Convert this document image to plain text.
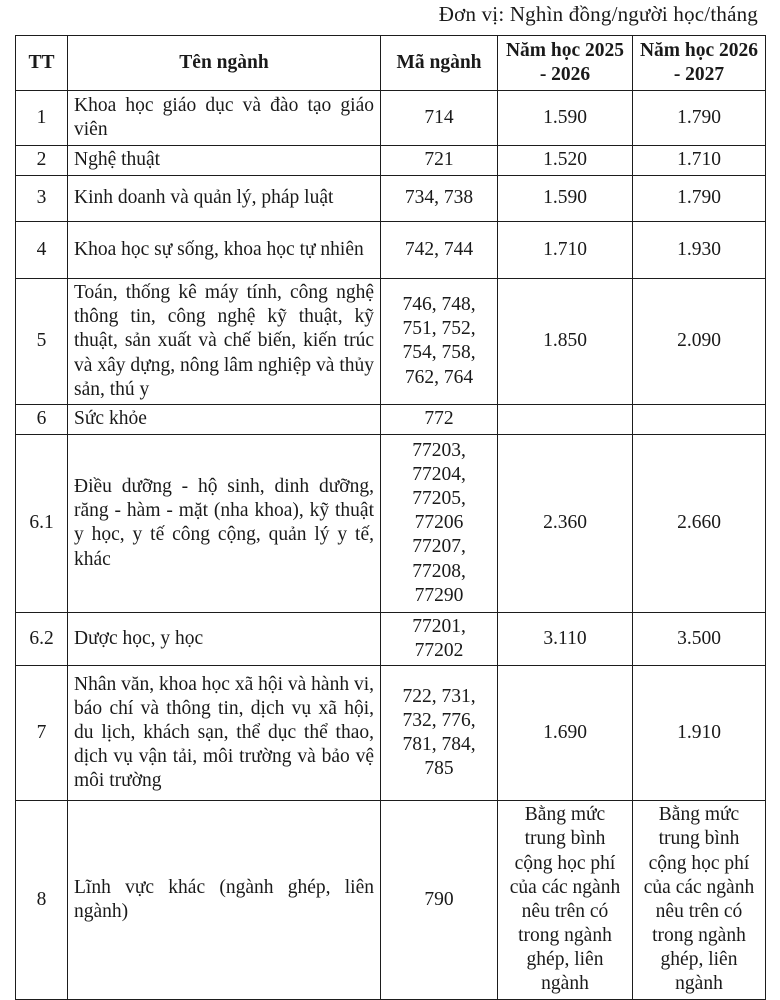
Đơn vị: Nghìn đồng/người học/tháng
TT	Tên ngành	Mã ngành	Năm học 2025 - 2026	Năm học 2026 - 2027
1	Khoa học giáo dục và đào tạo giáo viên	714	1.590	1.790
2	Nghệ thuật	721	1.520	1.710
3	Kinh doanh và quản lý, pháp luật	734, 738	1.590	1.790
4	Khoa học sự sống, khoa học tự nhiên	742, 744	1.710	1.930
5	Toán, thống kê máy tính, công nghệ thông tin, công nghệ kỹ thuật, kỹ thuật, sản xuất và chế biến, kiến trúc và xây dựng, nông lâm nghiệp và thủy sản, thú y	746, 748, 751, 752, 754, 758, 762, 764	1.850	2.090
6	Sức khỏe	772		
6.1	Điều dưỡng - hộ sinh, dinh dưỡng, răng - hàm - mặt (nha khoa), kỹ thuật y học, y tế công cộng, quản lý y tế, khác	77203, 77204, 77205, 77206 77207, 77208, 77290	2.360	2.660
6.2	Dược học, y học	77201, 77202	3.110	3.500
7	Nhân văn, khoa học xã hội và hành vi, báo chí và thông tin, dịch vụ xã hội, du lịch, khách sạn, thể dục thể thao, dịch vụ vận tải, môi trường và bảo vệ môi trường	722, 731, 732, 776, 781, 784, 785	1.690	1.910
8	Lĩnh vực khác (ngành ghép, liên ngành)	790	Bằng mức trung bình cộng học phí của các ngành nêu trên có trong ngành ghép, liên ngành	Bằng mức trung bình cộng học phí của các ngành nêu trên có trong ngành ghép, liên ngành
